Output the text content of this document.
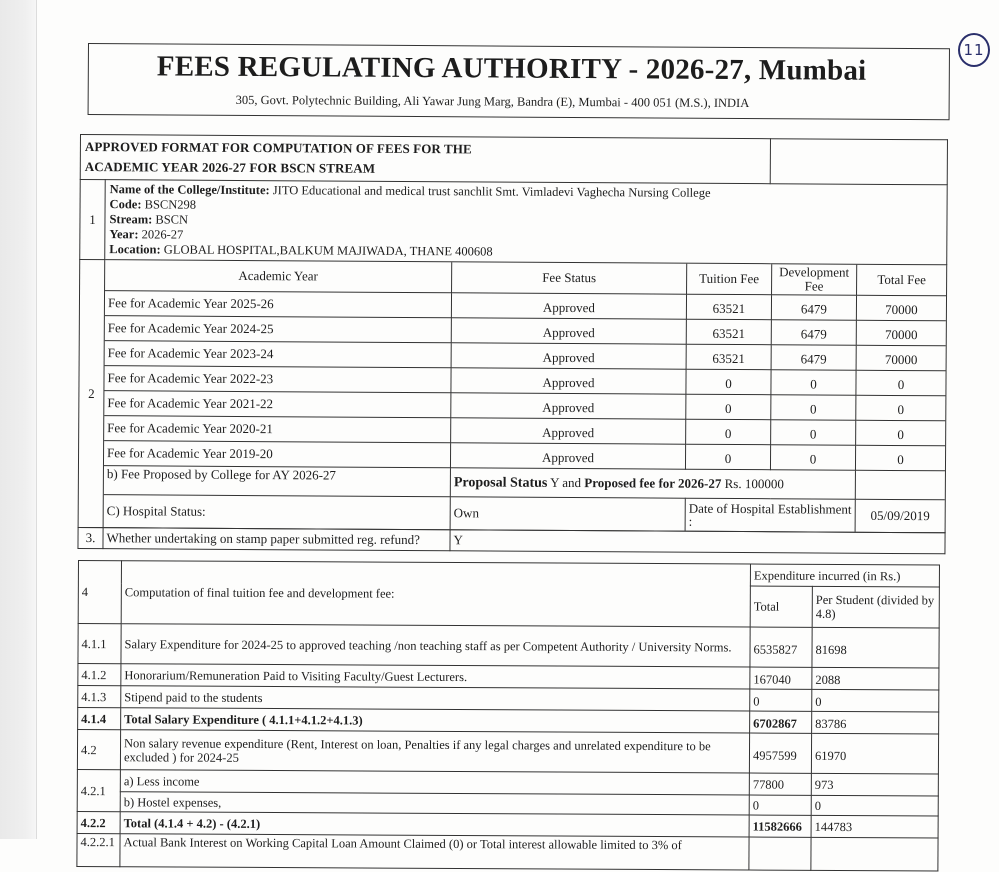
11
FEES REGULATING AUTHORITY - 2026-27, Mumbai
305, Govt. Polytechnic Building, Ali Yawar Jung Marg, Bandra (E), Mumbai - 400 051 (M.S.), INDIA
APPROVED FORMAT FOR COMPUTATION OF FEES FOR THE
ACADEMIC YEAR 2026-27 FOR BSCN STREAM

1	
Name of the College/Institute: JITO Educational and medical trust sanchlit Smt. Vimladevi Vaghecha Nursing College
Code: BSCN298
Stream: BSCN
Year: 2026-27
Location: GLOBAL HOSPITAL,BALKUM MAJIWADA, THANE 400608

2	
Academic Year	Fee Status	Tuition Fee	Development Fee	Total Fee
Fee for Academic Year 2025-26	Approved	63521	6479	70000
Fee for Academic Year 2024-25	Approved	63521	6479	70000
Fee for Academic Year 2023-24	Approved	63521	6479	70000
Fee for Academic Year 2022-23	Approved	0	0	0
Fee for Academic Year 2021-22	Approved	0	0	0
Fee for Academic Year 2020-21	Approved	0	0	0
Fee for Academic Year 2019-20	Approved	0	0	0
b) Fee Proposed by College for AY 2026-27	Proposal Status Y and Proposed fee for 2026-27 Rs. 100000	
C) Hospital Status:	Own	Date of Hospital Establishment :	05/09/2019
3.	Whether undertaking on stamp paper submitted reg. refund?	Y
4	Computation of final tuition fee and development fee:	Expenditure incurred (in Rs.)	
		Total	Per Student (divided by 4.8)
4.1.1	Salary Expenditure for 2024-25 to approved teaching /non teaching staff as per Competent Authority / University Norms.	6535827	81698
4.1.2	Honorarium/Remuneration Paid to Visiting Faculty/Guest Lecturers.	167040	2088
4.1.3	Stipend paid to the students	0	0
4.1.4	Total Salary Expenditure ( 4.1.1+4.1.2+4.1.3)	6702867	83786
4.2	Non salary revenue expenditure (Rent, Interest on loan, Penalties if any legal charges and unrelated expenditure to be excluded ) for 2024-25	4957599	61970
4.2.1	a) Less income	77800	973
	b) Hostel expenses,	0	0
4.2.2	Total (4.1.4 + 4.2) - (4.2.1)	11582666	144783
4.2.2.1	Actual Bank Interest on Working Capital Loan Amount Claimed (0) or Total interest allowable limited to 3% of		
